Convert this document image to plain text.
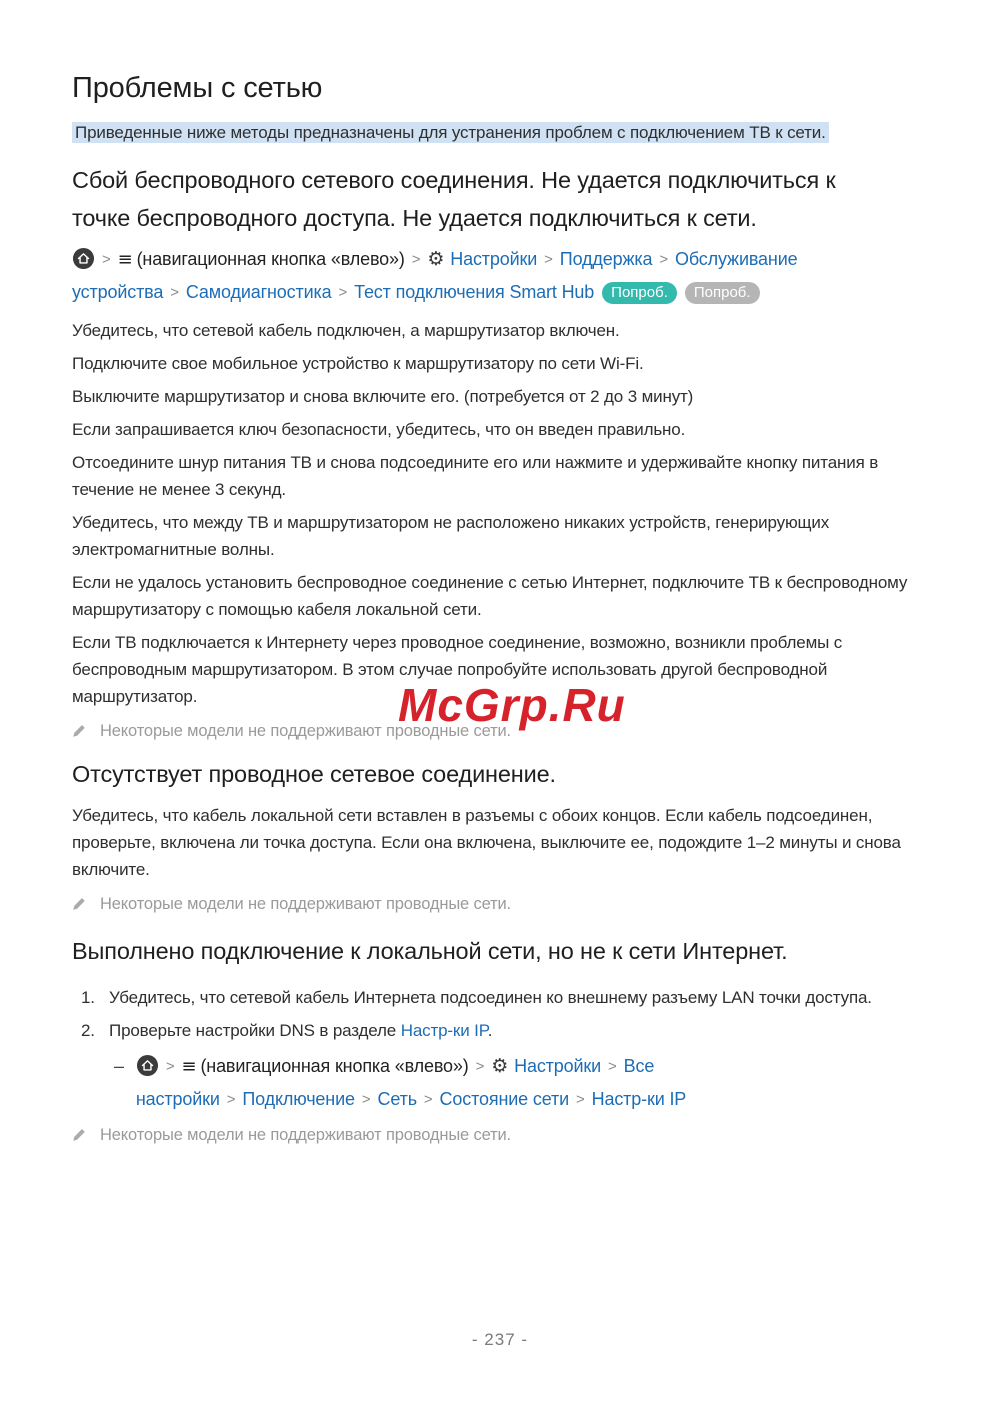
Проблемы с сетью

Приведенные ниже методы предназначены для устранения проблем с подключением ТВ к сети.

Сбой беспроводного сетевого соединения. Не удается подключиться к точке беспроводного доступа. Не удается подключиться к сети.
> ≡ (навигационная кнопка «влево») > ⚙ Настройки > Поддержка > Обслуживание устройства > Самодиагностика > Тест подключения Smart Hub Попроб. Попроб.

Убедитесь, что сетевой кабель подключен, а маршрутизатор включен.

Подключите свое мобильное устройство к маршрутизатору по сети Wi-Fi.

Выключите маршрутизатор и снова включите его. (потребуется от 2 до 3 минут)

Если запрашивается ключ безопасности, убедитесь, что он введен правильно.

Отсоедините шнур питания ТВ и снова подсоедините его или нажмите и удерживайте кнопку питания в течение не менее 3 секунд.

Убедитесь, что между ТВ и маршрутизатором не расположено никаких устройств, генерирующих электромагнитные волны.

Если не удалось установить беспроводное соединение с сетью Интернет, подключите ТВ к беспроводному маршрутизатору с помощью кабеля локальной сети.

Если ТВ подключается к Интернету через проводное соединение, возможно, возникли проблемы с беспроводным маршрутизатором. В этом случае попробуйте использовать другой беспроводной маршрутизатор.

Некоторые модели не поддерживают проводные сети.
Отсутствует проводное сетевое соединение.

Убедитесь, что кабель локальной сети вставлен в разъемы с обоих концов. Если кабель подсоединен, проверьте, включена ли точка доступа. Если она включена, выключите ее, подождите 1–2 минуты и снова включите.

Некоторые модели не поддерживают проводные сети.
Выполнено подключение к локальной сети, но не к сети Интернет.
1. Убедитесь, что сетевой кабель Интернета подсоединен ко внешнему разъему LAN точки доступа.
2. Проверьте настройки DNS в разделе Настр-ки IP.
–	> ≡ (навигационная кнопка «влево») > ⚙ Настройки > Все настройки > Подключение > Сеть > Состояние сети > Настр-ки IP
Некоторые модели не поддерживают проводные сети.
McGrp.Ru
- 237 -
